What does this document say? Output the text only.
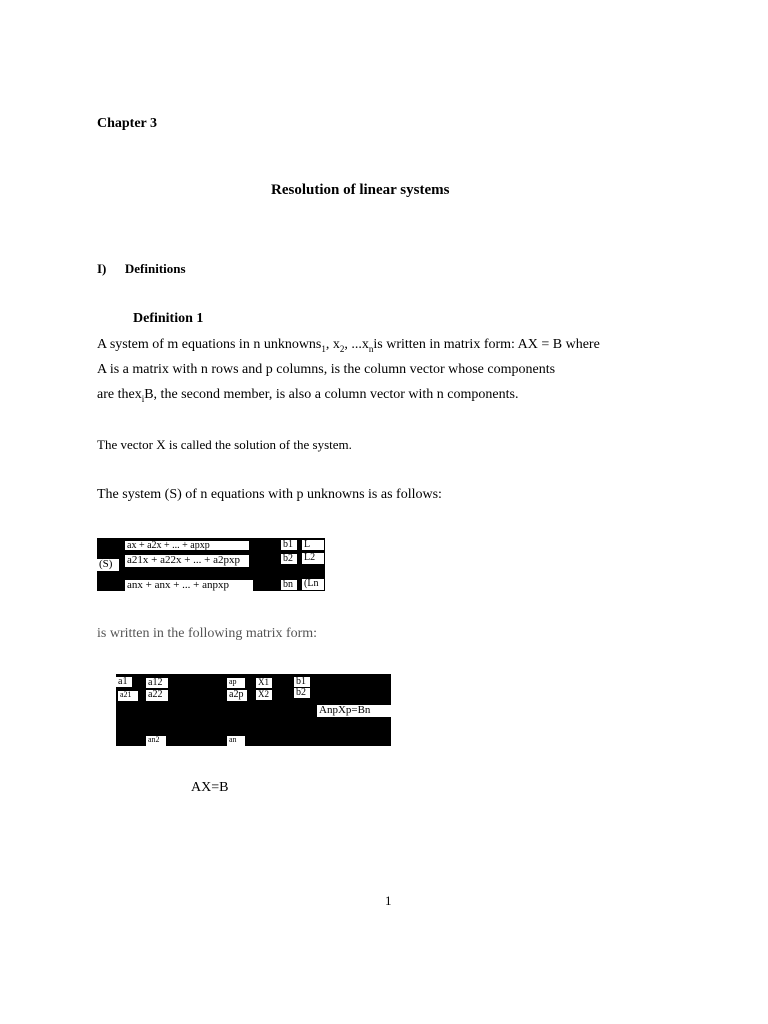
Chapter 3
Resolution of linear systems
I) Definitions
Definition 1
A system of m equations in n unknowns$_1$, $x_2$, $...x_nis$ written in matrix form: AX = B where
A is a matrix with n rows and p columns, is the column vector whose components
are thex$_i$B, the second member, is also a column vector with n components.
The vector X is called the solution of the system.
The system (S) of n equations with p unknowns is as follows:
ax + a2x + ... + apxp
a21x + a22x + ... + a2pxp
anx + anx + ... + anpxp
(S)
b1
b2
bn
L
L2
(Ln
is written in the following matrix form:
a1
a21
a12
a22
ap
a2p
X1
X2
b1
b2
AnpXp=Bn
an2	an
AX=B
1
